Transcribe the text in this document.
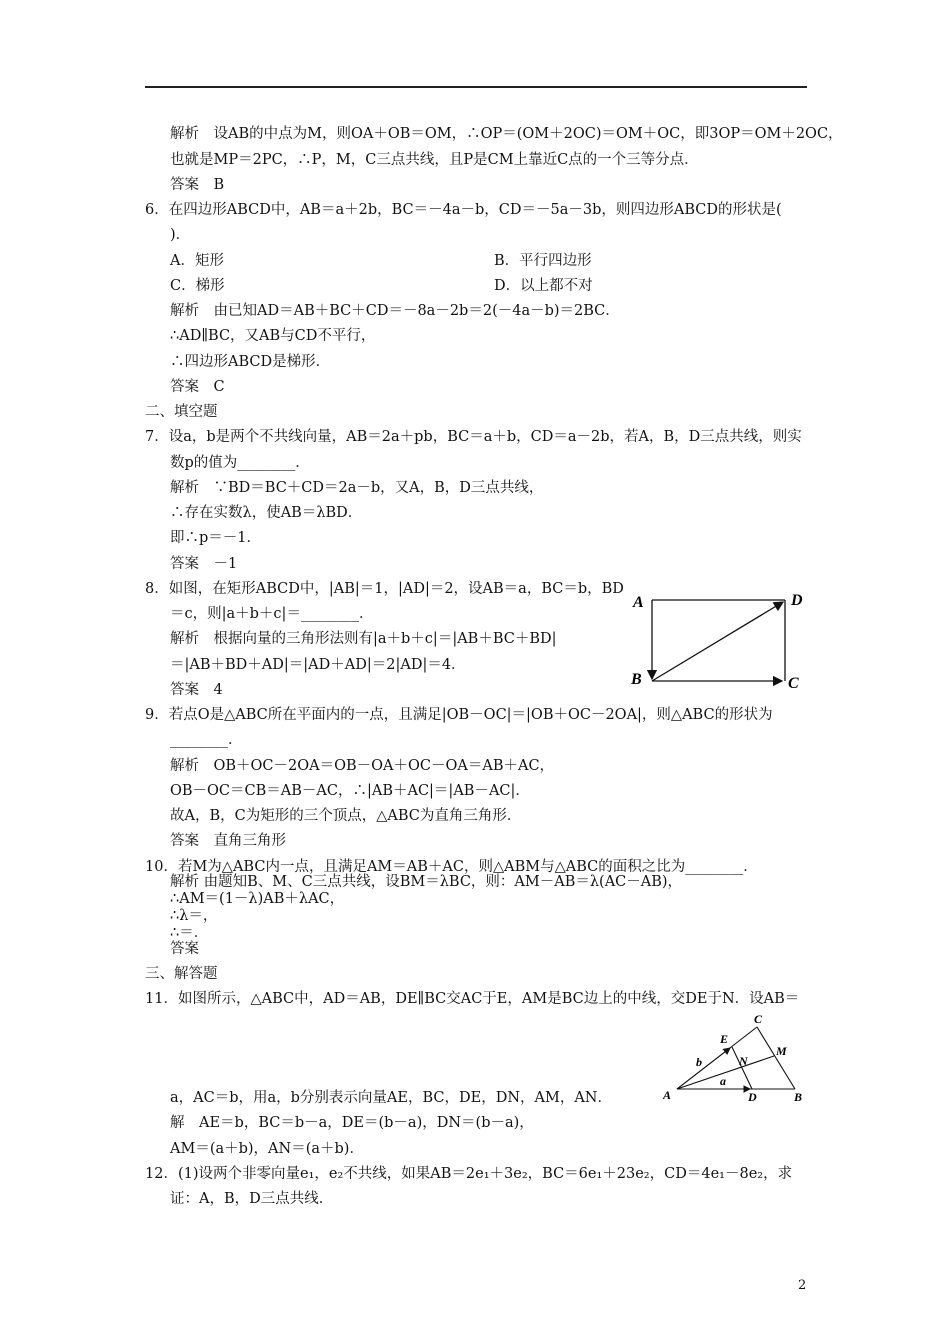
解析　设AB的中点为M，则OA＋OB＝OM，∴OP＝(OM＋2OC)＝OM＋OC，即3OP＝OM＋2OC，
也就是MP＝2PC，∴P，M，C三点共线，且P是CM上靠近C点的一个三等分点．
答案　B
6．在四边形ABCD中，AB＝a＋2b，BC＝－4a－b，CD＝－5a－3b，则四边形ABCD的形状是(
)．
A．矩形	B．平行四边形
C．梯形	D．以上都不对
解析　由已知AD＝AB＋BC＋CD＝－8a－2b＝2(－4a－b)＝2BC．
∴AD∥BC，又AB与CD不平行，
∴四边形ABCD是梯形．
答案　C
二、填空题
7．设a，b是两个不共线向量，AB＝2a＋pb，BC＝a＋b，CD＝a－2b，若A，B，D三点共线，则实
数p的值为________．
解析　∵BD＝BC＋CD＝2a－b，又A，B，D三点共线，
∴存在实数λ，使AB＝λBD．
即∴p＝－1．
答案　－1
8．如图，在矩形ABCD中，|AB|＝1，|AD|＝2，设AB＝a，BC＝b，BD
＝c，则|a＋b＋c|＝________．
解析　根据向量的三角形法则有|a＋b＋c|＝|AB＋BC＋BD|
＝|AB＋BD＋AD|＝|AD＋AD|＝2|AD|＝4．
答案　4
9．若点O是△ABC所在平面内的一点，且满足|OB－OC|＝|OB＋OC－2OA|，则△ABC的形状为
________．
解析　OB＋OC－2OA＝OB－OA＋OC－OA＝AB＋AC，
OB－OC＝CB＝AB－AC，∴|AB＋AC|＝|AB－AC|．
故A，B，C为矩形的三个顶点，△ABC为直角三角形．
答案　直角三角形
10．若M为△ABC内一点，且满足AM＝AB＋AC，则△ABM与△ABC的面积之比为________．
解析 由题知B、M、C三点共线，设BM＝λBC，则：AM－AB＝λ(AC－AB)，
∴AM＝(1－λ)AB＋λAC，
∴λ＝，
∴＝．
答案
三、解答题
11．如图所示，△ABC中，AD＝AB，DE∥BC交AC于E，AM是BC边上的中线，交DE于N．设AB＝
a，AC＝b，用a，b分别表示向量AE，BC，DE，DN，AM，AN．
解　AE＝b，BC＝b－a，DE＝(b－a)，DN＝(b－a)，
AM＝(a＋b)，AN＝(a＋b)．
12．(1)设两个非零向量e₁，e₂不共线，如果AB＝2e₁＋3e₂，BC＝6e₁＋23e₂，CD＝4e₁－8e₂，求
证：A，B，D三点共线．
A	D
B	C
A	D	B
C
E
M
N
a
b
2
